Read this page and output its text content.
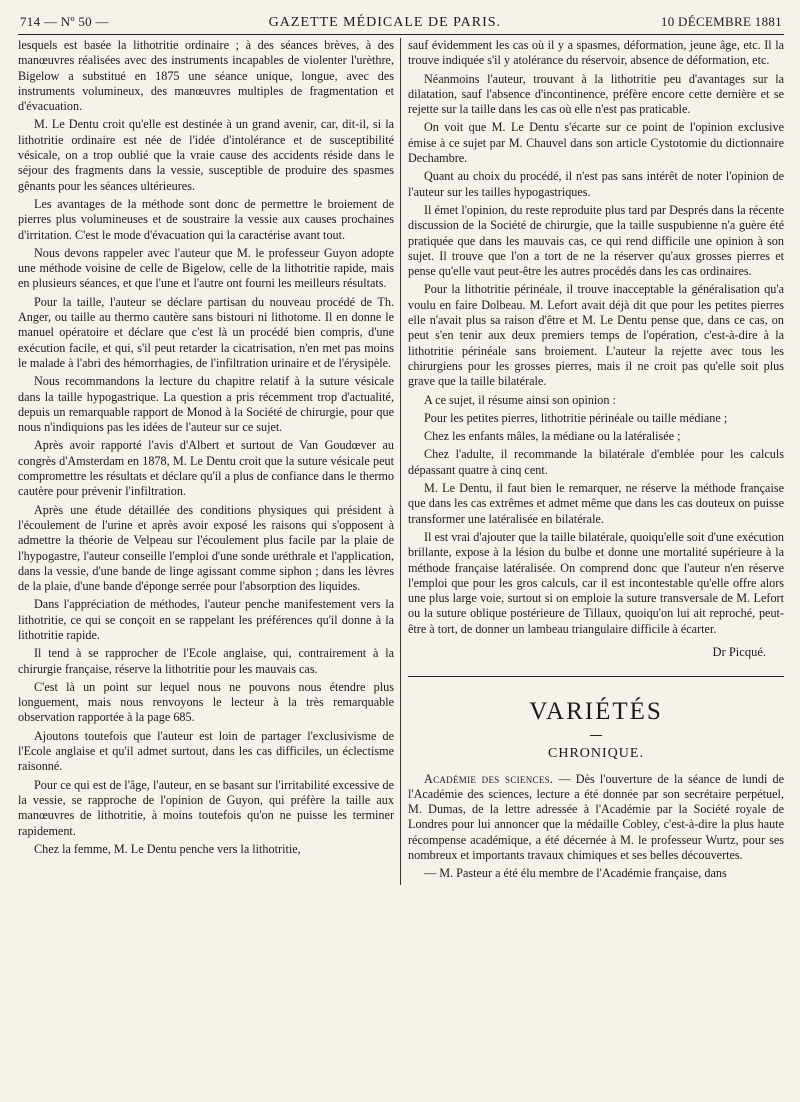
714 — Nº 50 —	GAZETTE MÉDICALE DE PARIS.	10 DÉCEMBRE 1881

lesquels est basée la lithotritie ordinaire ; à des séances brèves, à des manœuvres réalisées avec des instruments incapables de violenter l'urèthre, Bigelow a substitué en 1875 une séance unique, longue, avec des instruments volumineux, des manœuvres multiples de fragmentation et d'évacuation.

M. Le Dentu croit qu'elle est destinée à un grand avenir, car, dit-il, si la lithotritie ordinaire est née de l'idée d'intolérance et de susceptibilité vésicale, on a trop oublié que la vraie cause des accidents réside dans le séjour des fragments dans la vessie, susceptible de produire des spasmes gênants pour les séances ultérieures.

Les avantages de la méthode sont donc de permettre le broiement de pierres plus volumineuses et de soustraire la vessie aux causes prochaines d'irritation. C'est le mode d'évacuation qui la caractérise avant tout.

Nous devons rappeler avec l'auteur que M. le professeur Guyon adopte une méthode voisine de celle de Bigelow, celle de la lithotritie rapide, mais en plusieurs séances, et que l'une et l'autre ont fourni les meilleurs résultats.

Pour la taille, l'auteur se déclare partisan du nouveau procédé de Th. Anger, ou taille au thermo cautère sans bistouri ni lithotome. Il en donne le manuel opératoire et déclare que c'est là un procédé bien compris, d'une exécution facile, et qui, s'il peut retarder la cicatrisation, n'en met pas moins le malade à l'abri des hémorrhagies, de l'infiltration urinaire et de l'érysipèle.

Nous recommandons la lecture du chapitre relatif à la suture vésicale dans la taille hypogastrique. La question a pris récemment trop d'actualité, depuis un remarquable rapport de Monod à la Société de chirurgie, pour que nous n'indiquions pas les idées de l'auteur sur ce sujet.

Après avoir rapporté l'avis d'Albert et surtout de Van Goudœver au congrès d'Amsterdam en 1878, M. Le Dentu croit que la suture vésicale peut compromettre les résultats et déclare qu'il a plus de confiance dans le thermo cautère pour prévenir l'infiltration.

Après une étude détaillée des conditions physiques qui président à l'écoulement de l'urine et après avoir exposé les raisons qui s'opposent à admettre la théorie de Velpeau sur l'écoulement plus facile par la plaie de l'hypogastre, l'auteur conseille l'emploi d'une sonde uréthrale et l'application, dans la vessie, d'une bande de linge agissant comme siphon ; dans les lèvres de la plaie, d'une bande d'éponge serrée pour l'absorption des liquides.

Dans l'appréciation de méthodes, l'auteur penche manifestement vers la lithotritie, ce qui se conçoit en se rappelant les préférences qu'il donne à la lithotritie rapide.

Il tend à se rapprocher de l'Ecole anglaise, qui, contrairement à la chirurgie française, réserve la lithotritie pour les mauvais cas.

C'est là un point sur lequel nous ne pouvons nous étendre plus longuement, mais nous renvoyons le lecteur à la très remarquable observation rapportée à la page 685.

Ajoutons toutefois que l'auteur est loin de partager l'exclusivisme de l'Ecole anglaise et qu'il admet surtout, dans les cas difficiles, un éclectisme raisonné.

Pour ce qui est de l'âge, l'auteur, en se basant sur l'irritabilité excessive de la vessie, se rapproche de l'opinion de Guyon, qui préfère la taille aux manœuvres de lithotritie, à moins toutefois qu'on ne puisse les terminer rapidement.

Chez la femme, M. Le Dentu penche vers la lithotritie,

sauf évidemment les cas où il y a spasmes, déformation, jeune âge, etc. Il la trouve indiquée s'il y atolérance du réservoir, absence de déformation, etc.

Néanmoins l'auteur, trouvant à la lithotritie peu d'avantages sur la dilatation, sauf l'absence d'incontinence, préfère encore cette dernière et se rejette sur la taille dans les cas où elle n'est pas praticable.

On voit que M. Le Dentu s'écarte sur ce point de l'opinion exclusive émise à ce sujet par M. Chauvel dans son article Cystotomie du dictionnaire Dechambre.

Quant au choix du procédé, il n'est pas sans intérêt de noter l'opinion de l'auteur sur les tailles hypogastriques.

Il émet l'opinion, du reste reproduite plus tard par Després dans la récente discussion de la Société de chirurgie, que la taille suspubienne n'a guère été pratiquée que dans les mauvais cas, ce qui rend difficile une opinion à son sujet. Il trouve que l'on a tort de ne la réserver qu'aux grosses pierres et pense qu'elle vaut peut-être les autres procédés dans les cas ordinaires.

Pour la lithotritie périnéale, il trouve inacceptable la généralisation qu'a voulu en faire Dolbeau. M. Lefort avait déjà dit que pour les petites pierres elle n'avait plus sa raison d'être et M. Le Dentu pense que, dans ce cas, on peut s'en tenir aux deux premiers temps de l'opération, c'est-à-dire à la lithotritie périnéale sans broiement. L'auteur la rejette avec tous les chirurgiens pour les grosses pierres, mais il ne croit pas qu'elle soit plus grave que la taille bilatérale.

A ce sujet, il résume ainsi son opinion :

Pour les petites pierres, lithotritie périnéale ou taille médiane ;

Chez les enfants mâles, la médiane ou la latéralisée ;

Chez l'adulte, il recommande la bilatérale d'emblée pour les calculs dépassant quatre à cinq cent.

M. Le Dentu, il faut bien le remarquer, ne réserve la méthode française que dans les cas extrêmes et admet même que dans les cas douteux on puisse transformer une latéralisée en bilatérale.

Il est vrai d'ajouter que la taille bilatérale, quoiqu'elle soit d'une exécution brillante, expose à la lésion du bulbe et donne une mortalité supérieure à la méthode française latéralisée. On comprend donc que l'auteur n'en réserve l'emploi que pour les gros calculs, car il est incontestable qu'elle offre alors une plus large voie, surtout si on emploie la suture transversale de M. Lefort ou la suture oblique postérieure de Tillaux, quoiqu'on lui ait reproché, peut-être à tort, de donner un lambeau triangulaire difficile à écarter.

Dr Picqué.
VARIÉTÉS
CHRONIQUE.

Académie des sciences. — Dès l'ouverture de la séance de lundi de l'Académie des sciences, lecture a été donnée par son secrétaire perpétuel, M. Dumas, de la lettre adressée à l'Académie par la Société royale de Londres pour lui annoncer que la médaille Cobley, c'est-à-dire la plus haute récompense académique, a été décernée à M. le professeur Wurtz, pour ses nombreux et importants travaux chimiques et ses belles découvertes.

— M. Pasteur a été élu membre de l'Académie française, dans
